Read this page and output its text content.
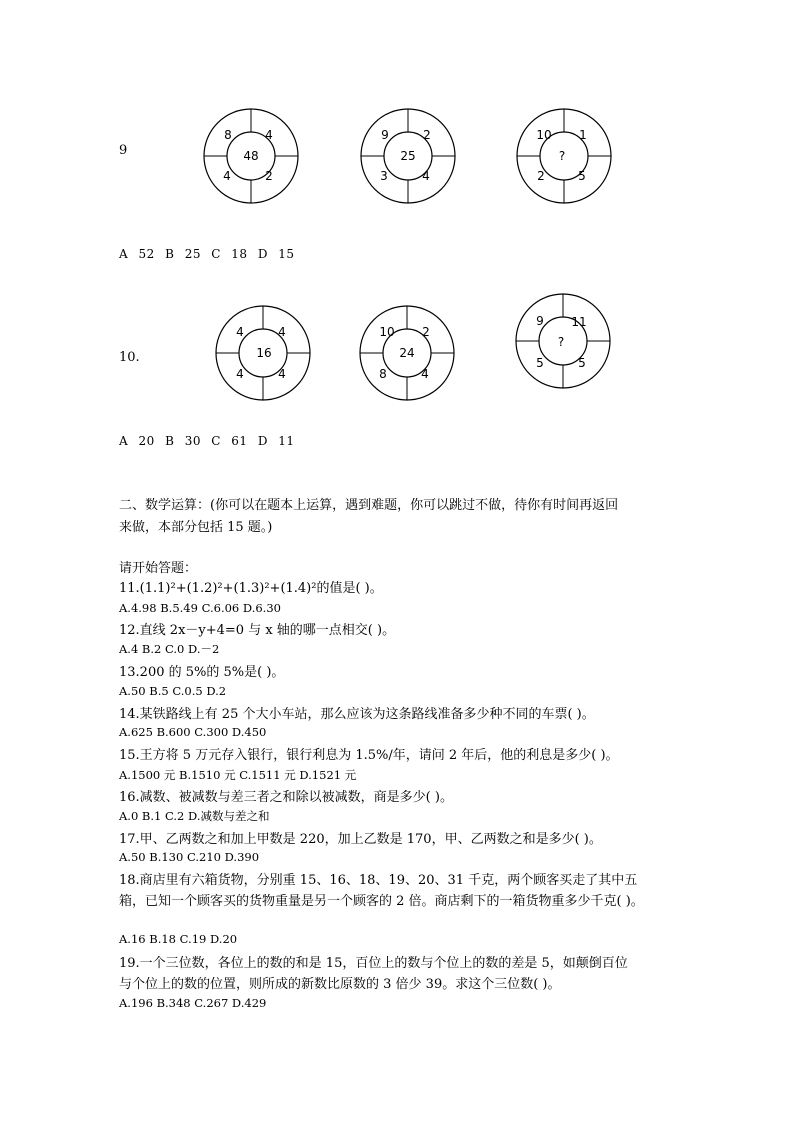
9
8	4
48
4	2
9	2
25
3	4
10 1
?
2	5
4	4
16
4	4
10 2
24
8	4
9 11
?
5	5
A 52 B 25 C 18 D 15
10.
A 20 B 30 C 61 D 11
二、数学运算：(你可以在题本上运算，遇到难题，你可以跳过不做，待你有时间再返回
来做，本部分包括 15 题。)
请开始答题：
11.(1.1)²+(1.2)²+(1.3)²+(1.4)²的值是( )。
A.4.98 B.5.49 C.6.06 D.6.30
12.直线 2x－y+4=0 与 x 轴的哪一点相交( )。
A.4 B.2 C.0 D.－2
13.200 的 5%的 5%是( )。
A.50 B.5 C.0.5 D.2
14.某铁路线上有 25 个大小车站，那么应该为这条路线准备多少种不同的车票( )。
A.625 B.600 C.300 D.450
15.王方将 5 万元存入银行，银行利息为 1.5%/年，请问 2 年后，他的利息是多少( )。
A.1500 元 B.1510 元 C.1511 元 D.1521 元
16.减数、被减数与差三者之和除以被减数，商是多少( )。
A.0 B.1 C.2 D.减数与差之和
17.甲、乙两数之和加上甲数是 220，加上乙数是 170，甲、乙两数之和是多少( )。
A.50 B.130 C.210 D.390
18.商店里有六箱货物，分别重 15、16、18、19、20、31 千克，两个顾客买走了其中五
箱，已知一个顾客买的货物重量是另一个顾客的 2 倍。商店剩下的一箱货物重多少千克( )。
A.16 B.18 C.19 D.20
19.一个三位数，各位上的数的和是 15，百位上的数与个位上的数的差是 5，如颠倒百位
与个位上的数的位置，则所成的新数比原数的 3 倍少 39。求这个三位数( )。
A.196 B.348 C.267 D.429
